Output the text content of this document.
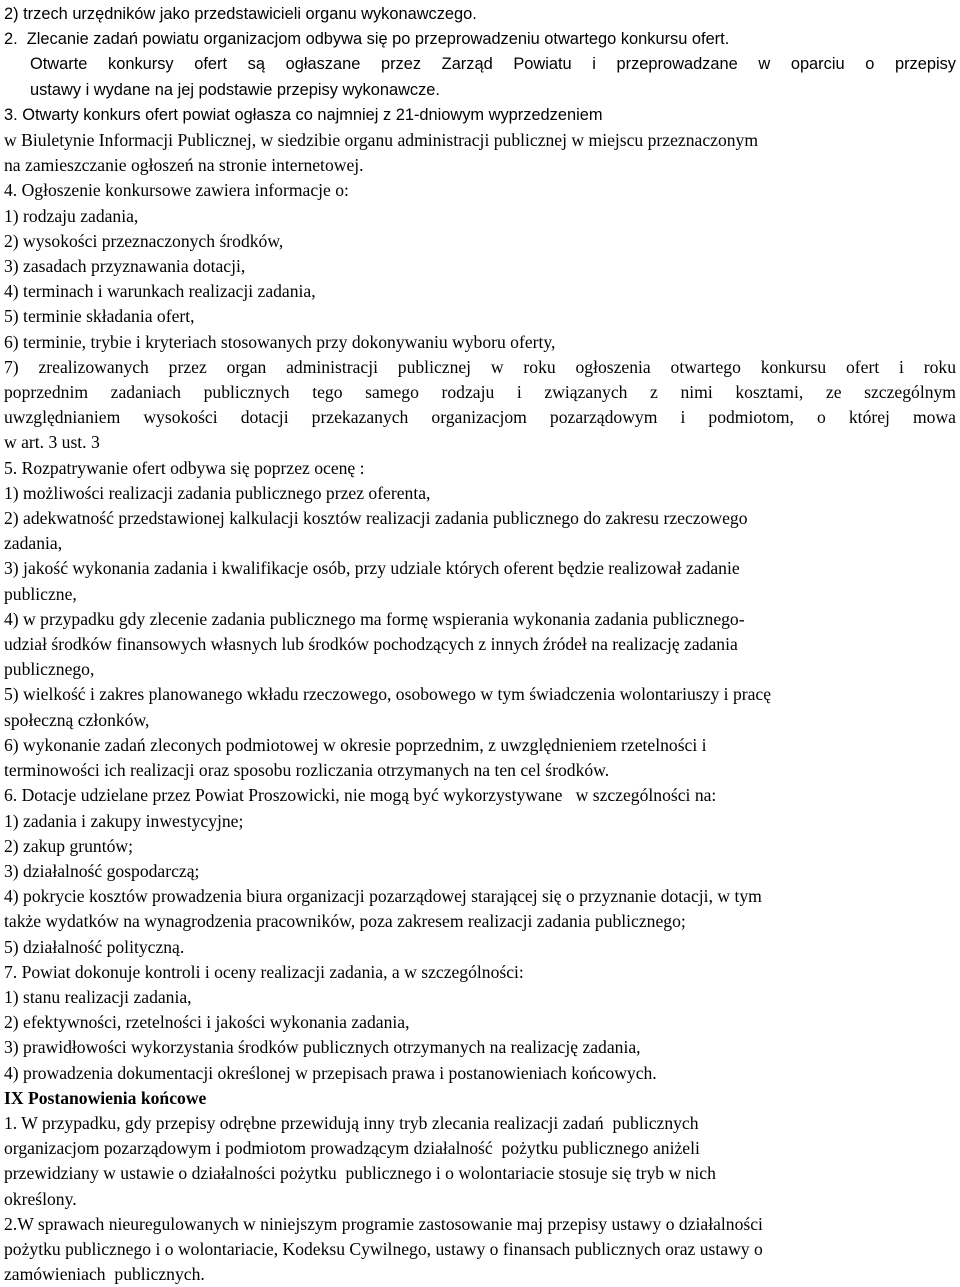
2) trzech urzędników jako przedstawicieli organu wykonawczego.
2.  Zlecanie zadań powiatu organizacjom odbywa się po przeprowadzeniu otwartego konkursu ofert.
Otwarte konkursy ofert są ogłaszane przez Zarząd Powiatu i przeprowadzane w oparciu o przepisy
ustawy i wydane na jej podstawie przepisy wykonawcze.
3. Otwarty konkurs ofert powiat ogłasza co najmniej z 21-dniowym wyprzedzeniem
w Biuletynie Informacji Publicznej, w siedzibie organu administracji publicznej w miejscu przeznaczonym
na zamieszczanie ogłoszeń na stronie internetowej.
4. Ogłoszenie konkursowe zawiera informacje o:
1) rodzaju zadania,
2) wysokości przeznaczonych środków,
3) zasadach przyznawania dotacji,
4) terminach i warunkach realizacji zadania,
5) terminie składania ofert,
6) terminie, trybie i kryteriach stosowanych przy dokonywaniu wyboru oferty,
7) zrealizowanych przez organ administracji publicznej w roku ogłoszenia otwartego konkursu ofert i roku
poprzednim zadaniach publicznych tego samego rodzaju i związanych z nimi kosztami, ze szczególnym
uwzględnianiem wysokości dotacji przekazanych organizacjom pozarządowym i podmiotom, o której mowa
w art. 3 ust. 3
5. Rozpatrywanie ofert odbywa się poprzez ocenę :
1) możliwości realizacji zadania publicznego przez oferenta,
2) adekwatność przedstawionej kalkulacji kosztów realizacji zadania publicznego do zakresu rzeczowego
zadania,
3) jakość wykonania zadania i kwalifikacje osób, przy udziale których oferent będzie realizował zadanie
publiczne,
4) w przypadku gdy zlecenie zadania publicznego ma formę wspierania wykonania zadania publicznego-
udział środków finansowych własnych lub środków pochodzących z innych źródeł na realizację zadania
publicznego,
5) wielkość i zakres planowanego wkładu rzeczowego, osobowego w tym świadczenia wolontariuszy i pracę
społeczną członków,
6) wykonanie zadań zleconych podmiotowej w okresie poprzednim, z uwzględnieniem rzetelności i
terminowości ich realizacji oraz sposobu rozliczania otrzymanych na ten cel środków.
6. Dotacje udzielane przez Powiat Proszowicki, nie mogą być wykorzystywane   w szczególności na:
1) zadania i zakupy inwestycyjne;
2) zakup gruntów;
3) działalność gospodarczą;
4) pokrycie kosztów prowadzenia biura organizacji pozarządowej starającej się o przyznanie dotacji, w tym
także wydatków na wynagrodzenia pracowników, poza zakresem realizacji zadania publicznego;
5) działalność polityczną.
7. Powiat dokonuje kontroli i oceny realizacji zadania, a w szczególności:
1) stanu realizacji zadania,
2) efektywności, rzetelności i jakości wykonania zadania,
3) prawidłowości wykorzystania środków publicznych otrzymanych na realizację zadania,
4) prowadzenia dokumentacji określonej w przepisach prawa i postanowieniach końcowych.
IX Postanowienia końcowe
1. W przypadku, gdy przepisy odrębne przewidują inny tryb zlecania realizacji zadań  publicznych
organizacjom pozarządowym i podmiotom prowadzącym działalność  pożytku publicznego aniżeli
przewidziany w ustawie o działalności pożytku  publicznego i o wolontariacie stosuje się tryb w nich
określony.
2.W sprawach nieuregulowanych w niniejszym programie zastosowanie maj przepisy ustawy o działalności
pożytku publicznego i o wolontariacie, Kodeksu Cywilnego, ustawy o finansach publicznych oraz ustawy o
zamówieniach  publicznych.
